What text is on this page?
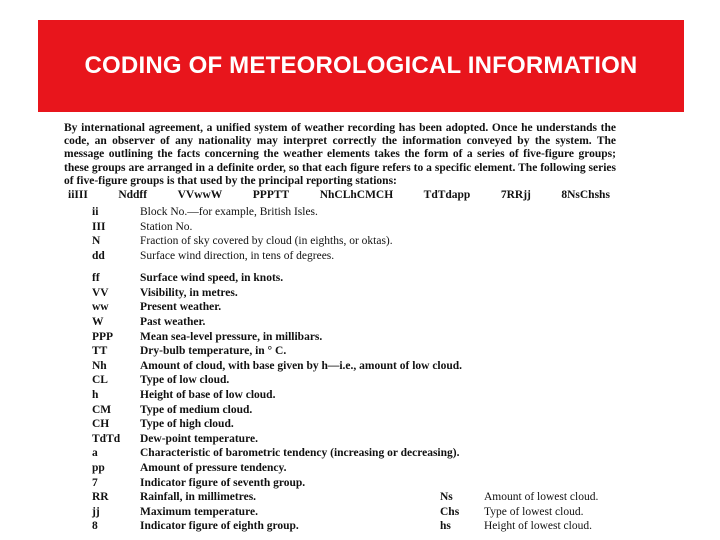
CODING OF METEOROLOGICAL INFORMATION
By international agreement, a unified system of weather recording has been adopted. Once he understands the code, an observer of any nationality may interpret correctly the information conveyed by the system. The message outlining the facts concerning the weather elements takes the form of a series of five-figure groups; these groups are arranged in a definite order, so that each figure refers to a specific element. The following series of five-figure groups is that used by the principal reporting stations:
iiIII	Nddff	VVwwW	PPPTT	NhCLhCMCH	TdTdapp	7RRjj	8NsChshs
ii	Block No.—for example, British Isles.
III	Station No.
N	Fraction of sky covered by cloud (in eighths, or oktas).
dd	Surface wind direction, in tens of degrees.
ff	Surface wind speed, in knots.
VV	Visibility, in metres.
ww	Present weather.
W	Past weather.
PPP	Mean sea-level pressure, in millibars.
TT	Dry-bulb temperature, in ° C.
Nh	Amount of cloud, with base given by h—i.e., amount of low cloud.
CL	Type of low cloud.
h	Height of base of low cloud.
CM	Type of medium cloud.
CH	Type of high cloud.
TdTd	Dew-point temperature.
a	Characteristic of barometric tendency (increasing or decreasing).
pp	Amount of pressure tendency.
7	Indicator figure of seventh group.
RR	Rainfall, in millimetres.	Ns	Amount of lowest cloud.
jj	Maximum temperature.	Chs	Type of lowest cloud.
8	Indicator figure of eighth group.	hs	Height of lowest cloud.
